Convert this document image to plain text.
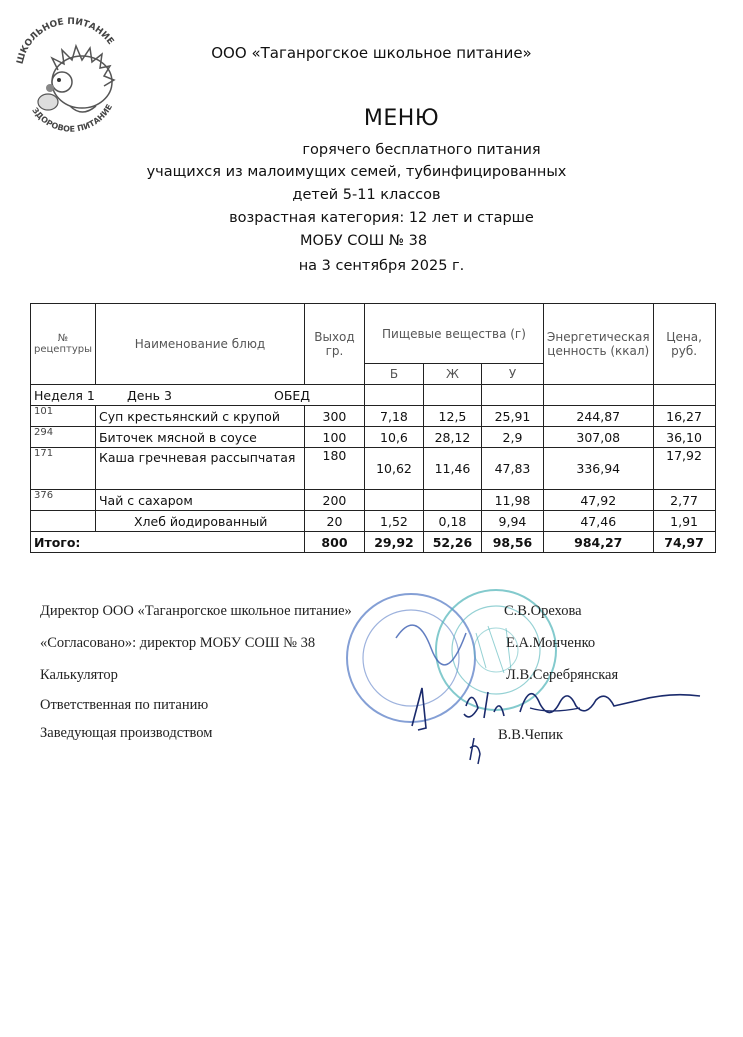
ШКОЛЬНОЕ ПИТАНИЕ
ЗДОРОВОЕ ПИТАНИЕ
ООО «Таганрогское школьное питание»
МЕНЮ
горячего бесплатного питания
учащихся из малоимущих семей, тубинфицированных
детей 5-11 классов
возрастная категория: 12 лет и старше
МОБУ СОШ № 38
на 3 сентября 2025 г.
№ рецептуры	Наименование блюд	Выход гр.	Пищевые вещества (г)			Энергетическая ценность (ккал)	Цена, руб.
			Б	Ж	У		
Неделя 1 День 3 ОБЕД							

101	Суп крестьянский с крупой	300	7,18	12,5	25,91	244,87	16,27
294	Биточек мясной в соусе	100	10,6	28,12	2,9	307,08	36,10
171	Каша гречневая рассыпчатая	180	10,62	11,46	47,83	336,94	17,92
376	Чай с сахаром	200			11,98	47,92	2,77
	Хлеб йодированный	20	1,52	0,18	9,94	47,46	1,91
Итого:		800	29,92	52,26	98,56	984,27	74,97
Директор ООО «Таганрогское школьное питание»	С.В.Орехова
«Согласовано»: директор МОБУ СОШ № 38	Е.А.Монченко
Калькулятор	Л.В.Серебрянская
Ответственная по питанию
Заведующая производством	В.В.Чепик
